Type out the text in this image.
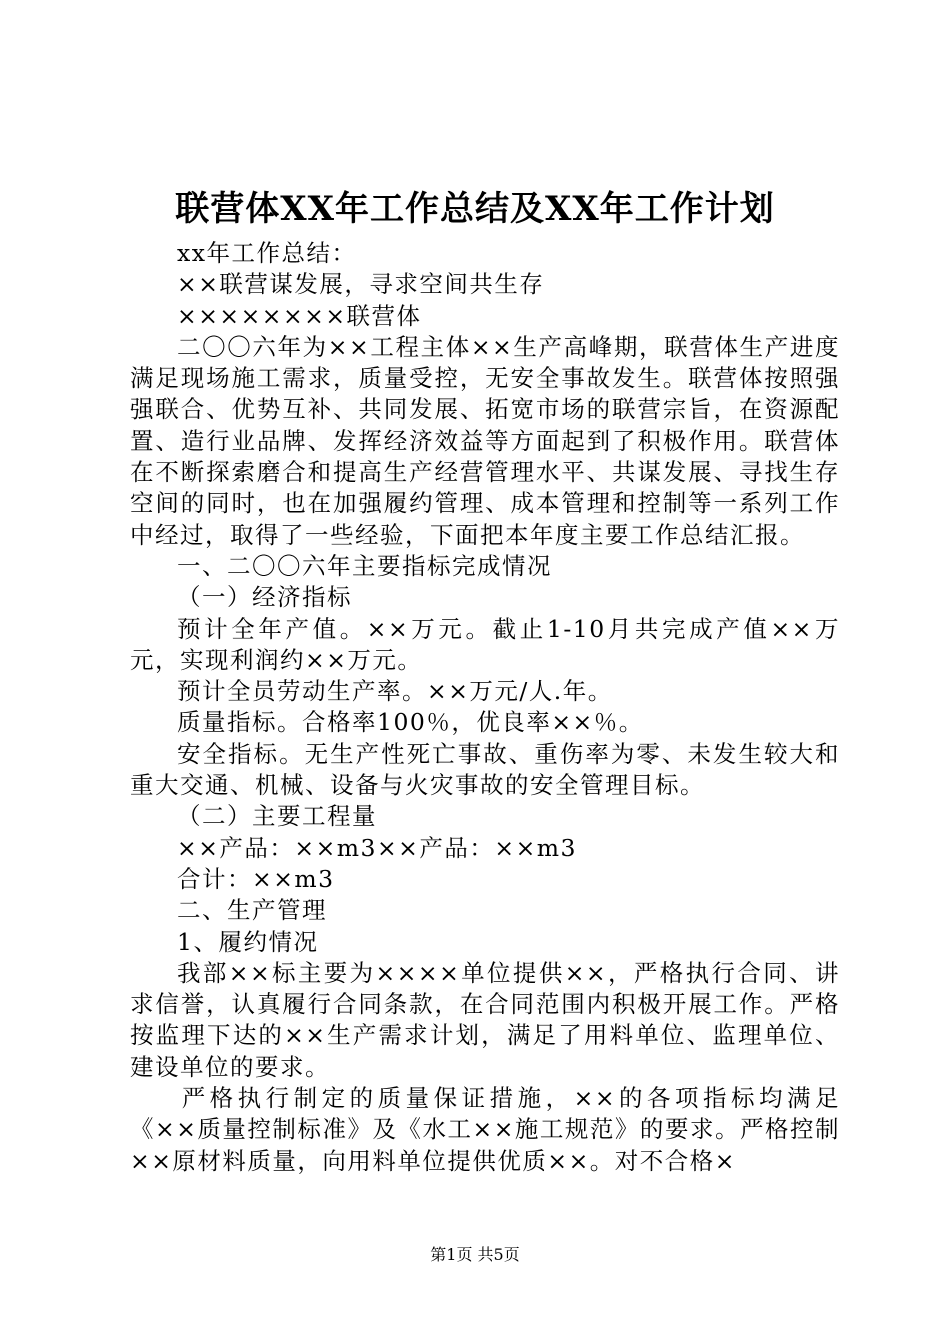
联营体XX年工作总结及XX年工作计划

xx年工作总结：

××联营谋发展，寻求空间共生存

××××××××联营体

二〇〇六年为××工程主体××生产高峰期，联营体生产进度满足现场施工需求，质量受控，无安全事故发生。联营体按照强强联合、优势互补、共同发展、拓宽市场的联营宗旨，在资源配置、造行业品牌、发挥经济效益等方面起到了积极作用。联营体在不断探索磨合和提高生产经营管理水平、共谋发展、寻找生存空间的同时，也在加强履约管理、成本管理和控制等一系列工作中经过，取得了一些经验，下面把本年度主要工作总结汇报。

一、二〇〇六年主要指标完成情况

（一）经济指标

预计全年产值。××万元。截止1-10月共完成产值××万元，实现利润约××万元。

预计全员劳动生产率。××万元/人.年。

质量指标。合格率100％，优良率××％。

安全指标。无生产性死亡事故、重伤率为零、未发生较大和重大交通、机械、设备与火灾事故的安全管理目标。

（二）主要工程量

××产品：××m3××产品：××m3

合计：××m3

二、生产管理

1、履约情况

我部××标主要为××××单位提供××，严格执行合同、讲求信誉，认真履行合同条款，在合同范围内积极开展工作。严格按监理下达的××生产需求计划，满足了用料单位、监理单位、建设单位的要求。

严格执行制定的质量保证措施，××的各项指标均满足《××质量控制标准》及《水工××施工规范》的要求。严格控制××原材料质量，向用料单位提供优质××。对不合格×

第1页 共5页
